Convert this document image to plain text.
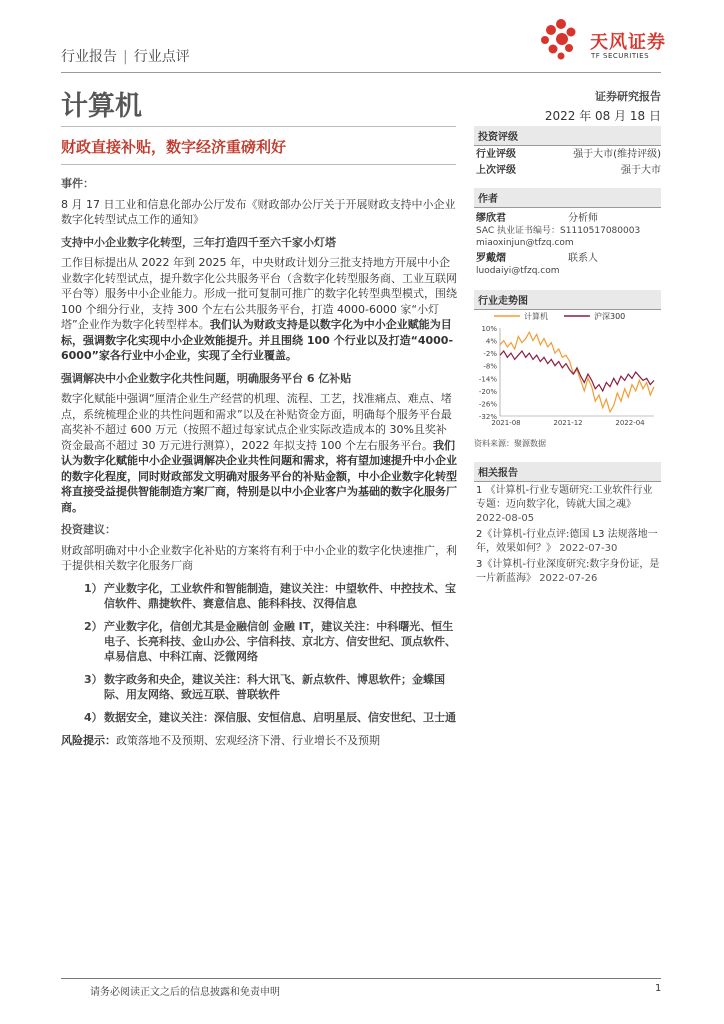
行业报告 | 行业点评
天风证券
TF SECURITIES
计算机	证券研究报告
2022 年 08 月 18 日
财政直接补贴，数字经济重磅利好

事件：

8 月 17 日工业和信息化部办公厅发布《财政部办公厅关于开展财政支持中小企业数字化转型试点工作的通知》

支持中小企业数字化转型，三年打造四千至六千家小灯塔

工作目标提出从 2022 年到 2025 年，中央财政计划分三批支持地方开展中小企业数字化转型试点，提升数字化公共服务平台（含数字化转型服务商、工业互联网平台等）服务中小企业能力。形成一批可复制可推广的数字化转型典型模式，围绕 100 个细分行业，支持 300 个左右公共服务平台，打造 4000-6000 家“小灯塔”企业作为数字化转型样本。我们认为财政支持是以数字化为中小企业赋能为目标，强调数字化实现中小企业效能提升。并且围绕 100 个行业以及打造“4000-6000”家各行业中小企业，实现了全行业覆盖。

强调解决中小企业数字化共性问题，明确服务平台 6 亿补贴

数字化赋能中强调“厘清企业生产经营的机理、流程、工艺，找准痛点、难点、堵点，系统梳理企业的共性问题和需求”以及在补贴资金方面，明确每个服务平台最高奖补不超过 600 万元（按照不超过每家试点企业实际改造成本的 30%且奖补资金最高不超过 30 万元进行测算），2022 年拟支持 100 个左右服务平台。我们认为数字化赋能中小企业强调解决企业共性问题和需求，将有望加速提升中小企业的数字化程度，同时财政部发文明确对服务平台的补贴金额，中小企业数字化转型将直接受益提供智能制造方案厂商，特别是以中小企业客户为基础的数字化服务厂商。

投资建议：

财政部明确对中小企业数字化补贴的方案将有利于中小企业的数字化快速推广，利于提供相关数字化服务厂商

1） 产业数字化，工业软件和智能制造，建议关注：中望软件、中控技术、宝信软件、鼎捷软件、赛意信息、能科科技、汉得信息
2） 产业数字化，信创尤其是金融信创 金融 IT，建议关注：中科曙光、恒生电子、长亮科技、金山办公、宇信科技、京北方、信安世纪、顶点软件、卓易信息、中科江南、泛微网络
3） 数字政务和央企，建议关注：科大讯飞、新点软件、博思软件；金蝶国际、用友网络、致远互联、普联软件
4） 数据安全，建议关注：深信服、安恒信息、启明星辰、信安世纪、卫士通

风险提示：政策落地不及预期、宏观经济下滑、行业增长不及预期

投资评级
行业评级	强于大市(维持评级)
上次评级	强于大市
作者
缪欣君	分析师
SAC 执业证书编号：S1110517080003
miaoxinjun@tfzq.com
罗戴熠	联系人
luodaiyi@tfzq.com
行业走势图
计算机	沪深300
10%
4%
-2%
-8%
-14%
-20%
-26%
-32%
2021-08	2021-12	2022-04
资料来源：聚源数据
相关报告
1 《计算机-行业专题研究:工业软件行业专题：迈向数字化，铸就大国之魂》
2022-08-05
2《计算机-行业点评:德国 L3 法规落地一年，效果如何？》 2022-07-30
3《计算机-行业深度研究:数字身份证，是一片新蓝海》 2022-07-26
请务必阅读正文之后的信息披露和免责申明	1
